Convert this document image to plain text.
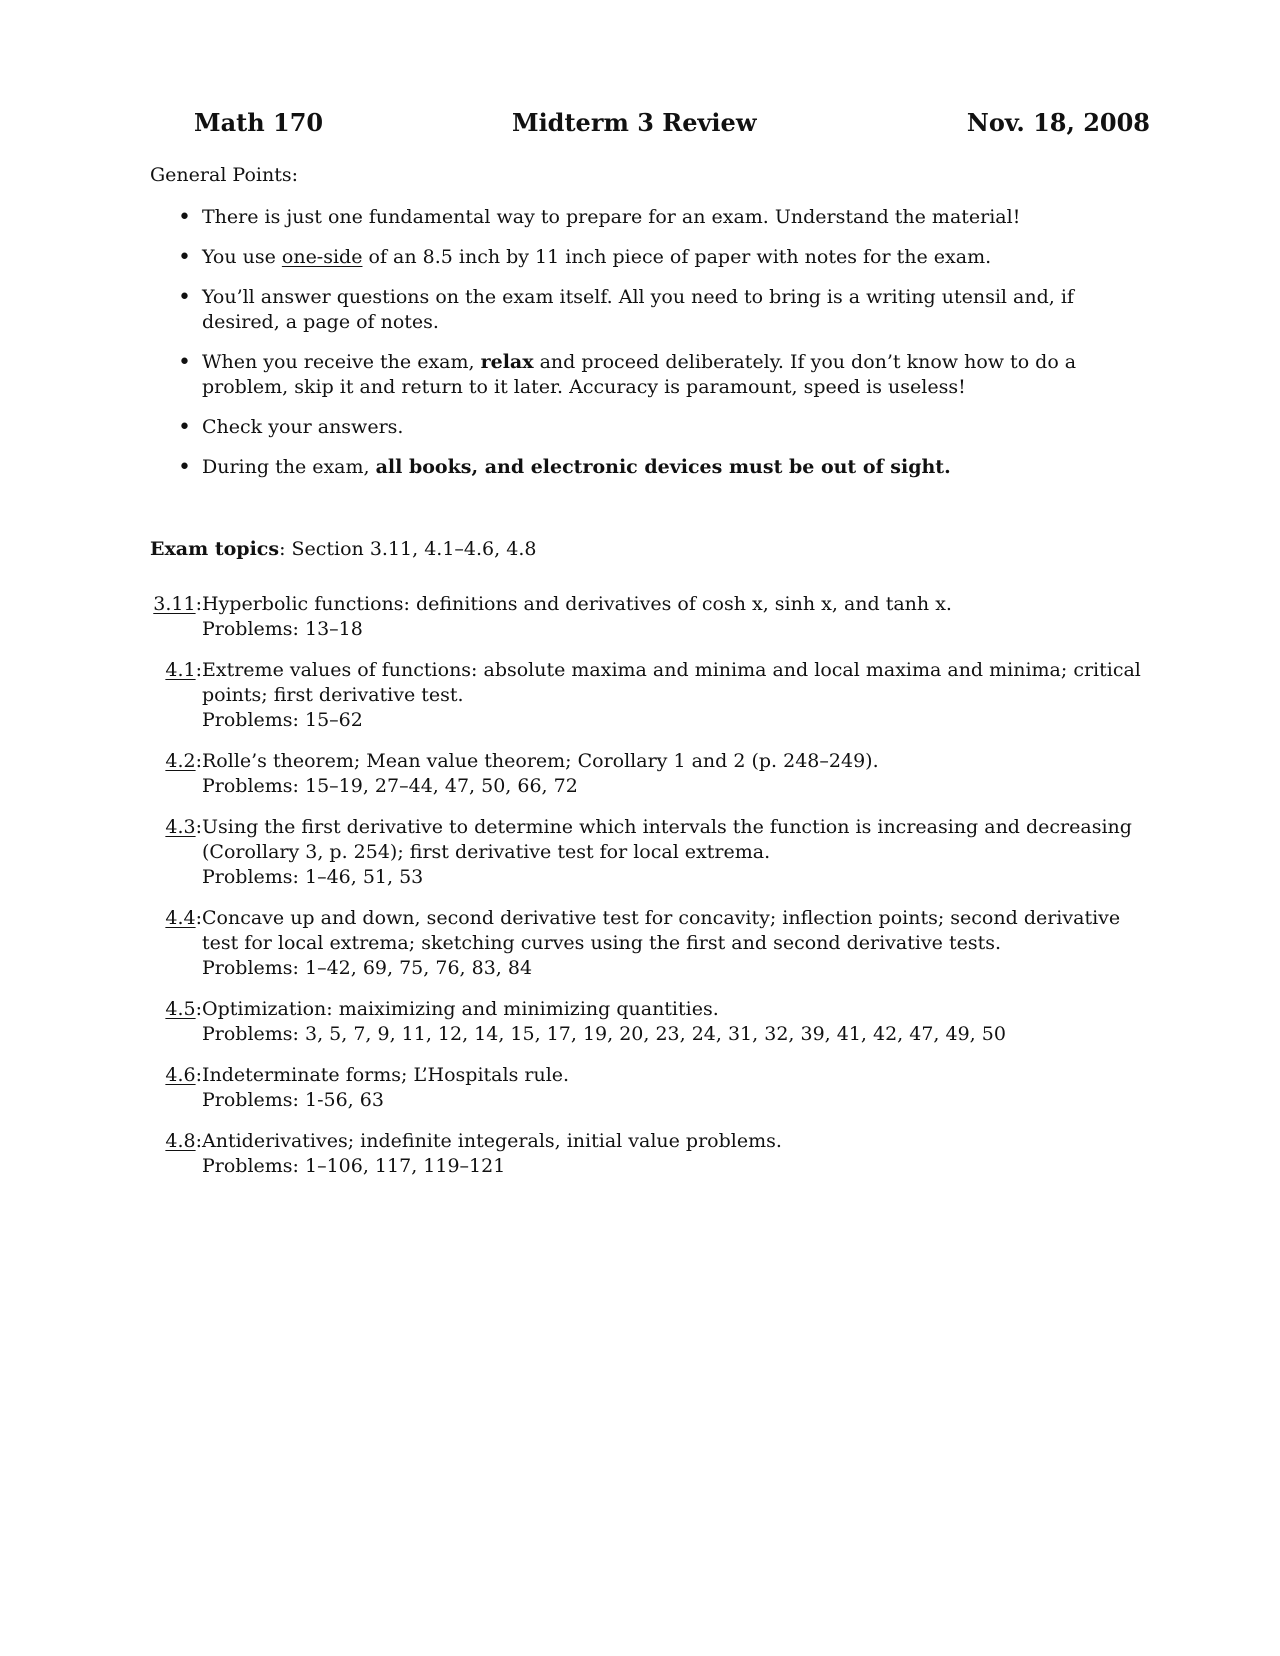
Math 170	Midterm 3 Review	Nov. 18, 2008
General Points:
• There is just one fundamental way to prepare for an exam. Understand the material!
• You use one-side of an 8.5 inch by 11 inch piece of paper with notes for the exam.
• You’ll answer questions on the exam itself. All you need to bring is a writing utensil and, if desired, a page of notes.
• When you receive the exam, relax and proceed deliberately. If you don’t know how to do a problem, skip it and return to it later. Accuracy is paramount, speed is useless!
• Check your answers.
• During the exam, all books, and electronic devices must be out of sight.
Exam topics: Section 3.11, 4.1–4.6, 4.8
3.11: Hyperbolic functions: definitions and derivatives of cosh x, sinh x, and tanh x.
Problems: 13–18
4.1: Extreme values of functions: absolute maxima and minima and local maxima and minima; critical points; first derivative test.
Problems: 15–62
4.2: Rolle’s theorem; Mean value theorem; Corollary 1 and 2 (p. 248–249).
Problems: 15–19, 27–44, 47, 50, 66, 72
4.3: Using the first derivative to determine which intervals the function is increasing and decreasing (Corollary 3, p. 254); first derivative test for local extrema.
Problems: 1–46, 51, 53
4.4: Concave up and down, second derivative test for concavity; inflection points; second derivative test for local extrema; sketching curves using the first and second derivative tests.
Problems: 1–42, 69, 75, 76, 83, 84
4.5: Optimization: maiximizing and minimizing quantities.
Problems: 3, 5, 7, 9, 11, 12, 14, 15, 17, 19, 20, 23, 24, 31, 32, 39, 41, 42, 47, 49, 50
4.6: Indeterminate forms; L’Hospitals rule.
Problems: 1-56, 63
4.8: Antiderivatives; indefinite integerals, initial value problems.
Problems: 1–106, 117, 119–121
